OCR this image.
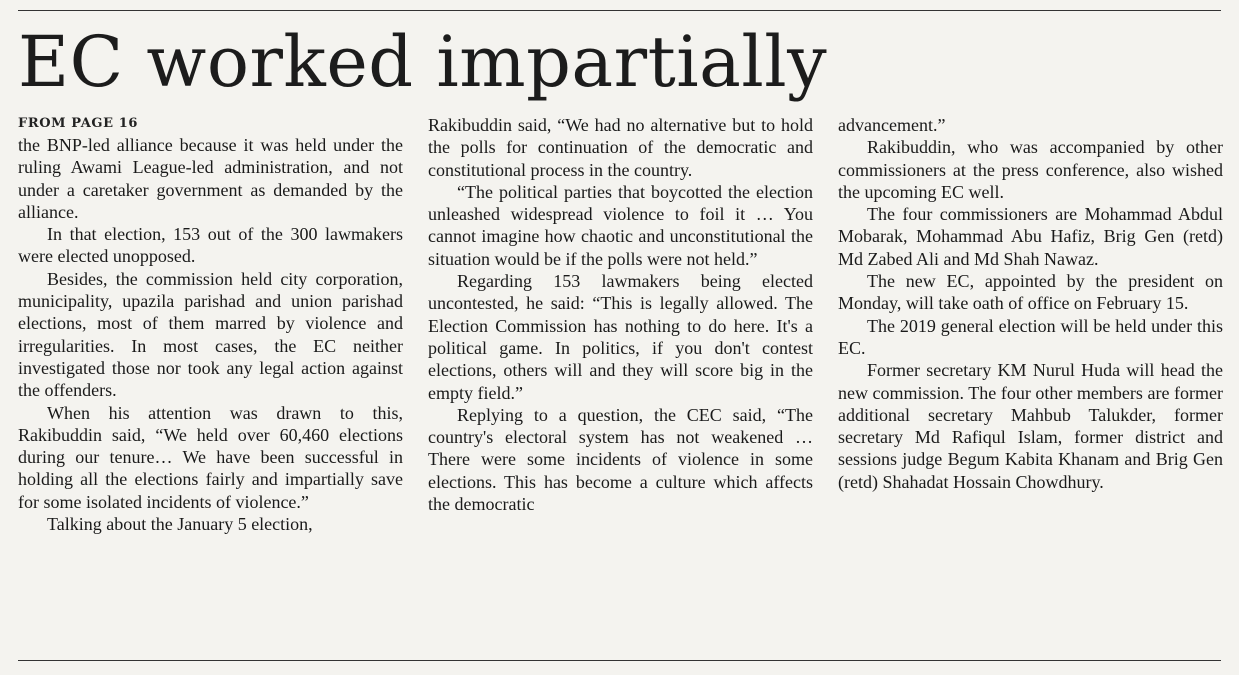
EC worked impartially

FROM PAGE 16

the BNP-led alliance because it was held under the ruling Awami League-led administration, and not under a caretaker government as demanded by the alliance.

In that election, 153 out of the 300 lawmakers were elected unopposed.

Besides, the commission held city corporation, municipality, upazila parishad and union parishad elections, most of them marred by violence and irregularities. In most cases, the EC neither investigated those nor took any legal action against the offenders.

When his attention was drawn to this, Rakibuddin said, “We held over 60,460 elections during our tenure… We have been successful in holding all the elections fairly and impartially save for some isolated incidents of violence.”

Talking about the January 5 election,

Rakibuddin said, “We had no alternative but to hold the polls for continuation of the democratic and constitutional process in the country.

“The political parties that boycotted the election unleashed widespread violence to foil it … You cannot imagine how chaotic and unconstitutional the situation would be if the polls were not held.”

Regarding 153 lawmakers being elected uncontested, he said: “This is legally allowed. The Election Commission has nothing to do here. It's a political game. In politics, if you don't contest elections, others will and they will score big in the empty field.”

Replying to a question, the CEC said, “The country's electoral system has not weakened … There were some incidents of violence in some elections. This has become a culture which affects the democratic

advancement.”

Rakibuddin, who was accompanied by other commissioners at the press conference, also wished the upcoming EC well.

The four commissioners are Mohammad Abdul Mobarak, Mohammad Abu Hafiz, Brig Gen (retd) Md Zabed Ali and Md Shah Nawaz.

The new EC, appointed by the president on Monday, will take oath of office on February 15.

The 2019 general election will be held under this EC.

Former secretary KM Nurul Huda will head the new commission. The four other members are former additional secretary Mahbub Talukder, former secretary Md Rafiqul Islam, former district and sessions judge Begum Kabita Khanam and Brig Gen (retd) Shahadat Hossain Chowdhury.
